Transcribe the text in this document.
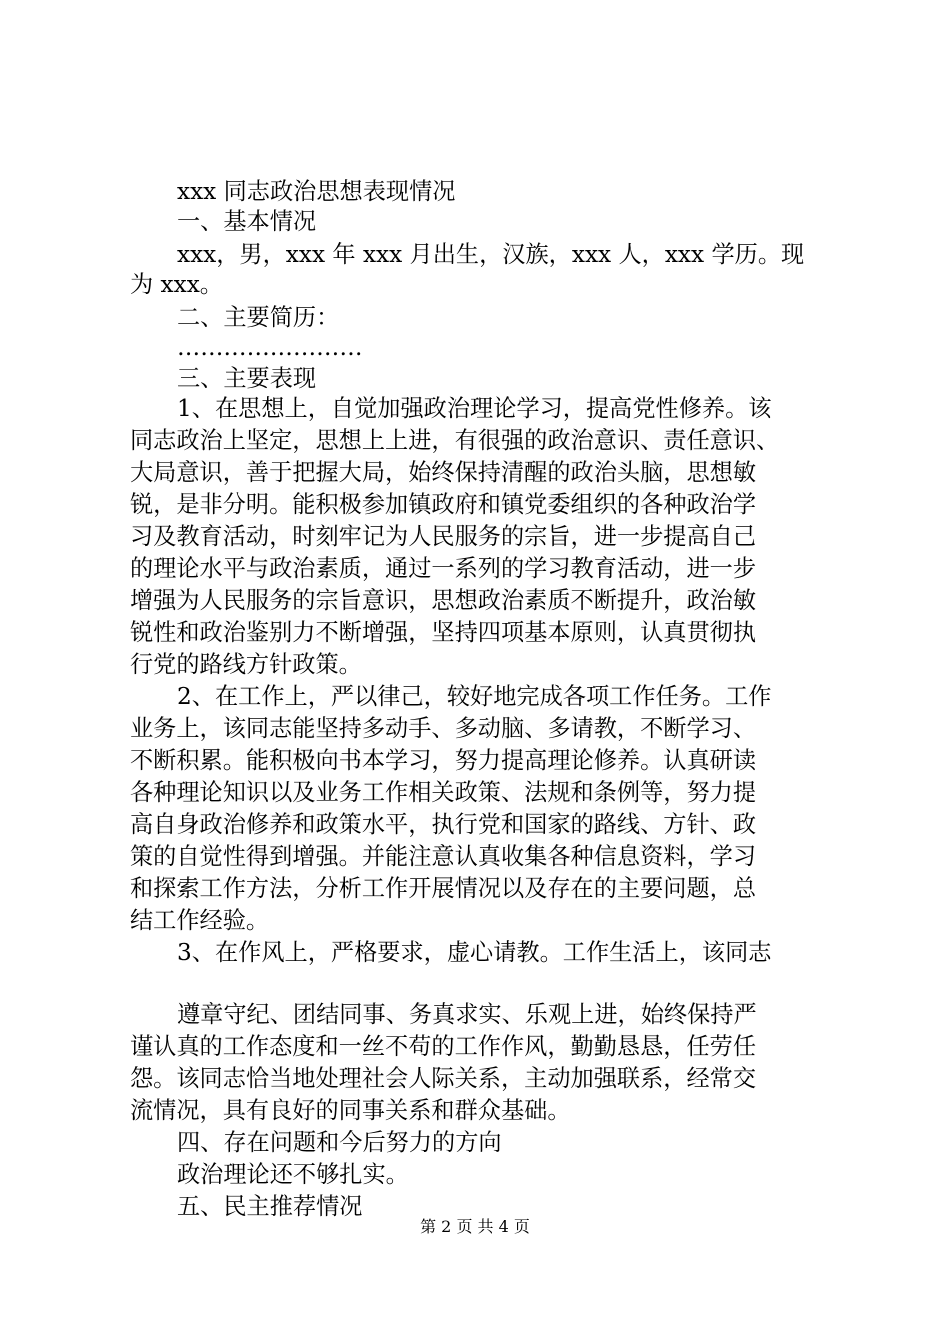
xxx 同志政治思想表现情况
一、基本情况
xxx，男，xxx 年 xxx 月出生，汉族，xxx 人，xxx 学历。现
为 xxx。
二、主要简历：
……………………
三、主要表现
1、在思想上，自觉加强政治理论学习，提高党性修养。该
同志政治上坚定，思想上上进，有很强的政治意识、责任意识、
大局意识，善于把握大局，始终保持清醒的政治头脑，思想敏
锐，是非分明。能积极参加镇政府和镇党委组织的各种政治学
习及教育活动，时刻牢记为人民服务的宗旨，进一步提高自己
的理论水平与政治素质，通过一系列的学习教育活动，进一步
增强为人民服务的宗旨意识，思想政治素质不断提升，政治敏
锐性和政治鉴别力不断增强，坚持四项基本原则，认真贯彻执
行党的路线方针政策。
2、在工作上，严以律己，较好地完成各项工作任务。工作
业务上，该同志能坚持多动手、多动脑、多请教，不断学习、
不断积累。能积极向书本学习，努力提高理论修养。认真研读
各种理论知识以及业务工作相关政策、法规和条例等，努力提
高自身政治修养和政策水平，执行党和国家的路线、方针、政
策的自觉性得到增强。并能注意认真收集各种信息资料，学习
和探索工作方法，分析工作开展情况以及存在的主要问题，总
结工作经验。
3、在作风上，严格要求，虚心请教。工作生活上，该同志
遵章守纪、团结同事、务真求实、乐观上进，始终保持严
谨认真的工作态度和一丝不苟的工作作风，勤勤恳恳，任劳任
怨。该同志恰当地处理社会人际关系，主动加强联系，经常交
流情况，具有良好的同事关系和群众基础。
四、存在问题和今后努力的方向
政治理论还不够扎实。
五、民主推荐情况
第 2 页 共 4 页
